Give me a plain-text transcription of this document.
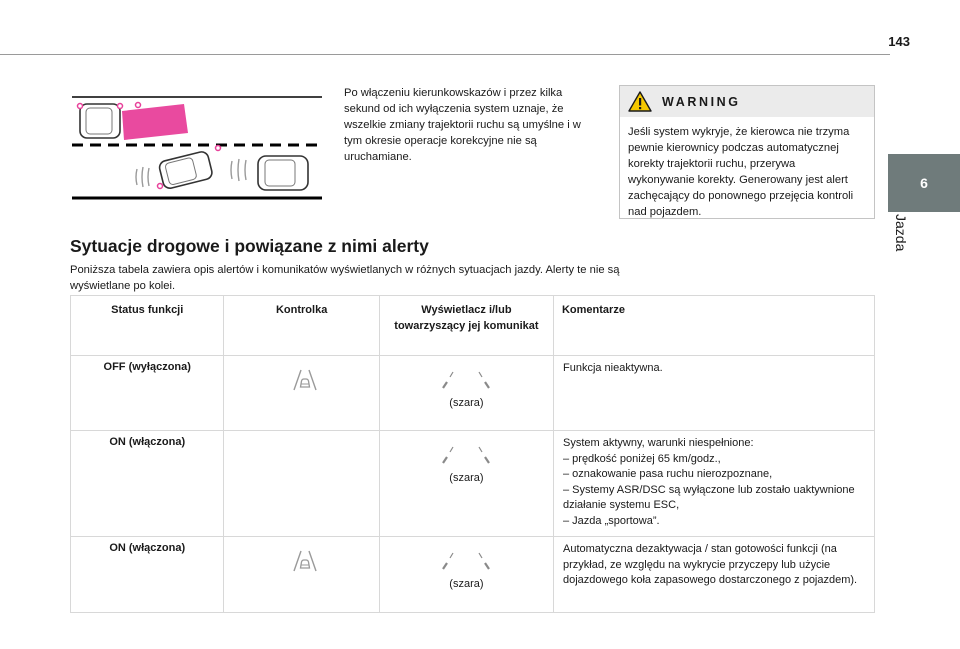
143
6
Jazda

Po włączeniu kierunkowskazów i przez kilka sekund od ich wyłączenia system uznaje, że wszelkie zmiany trajektorii ruchu są umyślne i w tym okresie operacje korekcyjne nie są uruchamiane.

WARNING

Jeśli system wykryje, że kierowca nie trzyma pewnie kierownicy podczas automatycznej korekty trajektorii ruchu, przerywa wykonywanie korekty. Generowany jest alert zachęcający do ponownego przejęcia kontroli nad pojazdem.

Sytuacje drogowe i powiązane z nimi alerty

Poniższa tabela zawiera opis alertów i komunikatów wyświetlanych w różnych sytuacjach jazdy. Alerty te nie są wyświetlane po kolei.

Status funkcji	Kontrolka	Wyświetlacz i/lub towarzyszący jej komunikat	Komentarze
OFF (wyłączona)		(szara)	Funkcja nieaktywna.

ON (włączona)		(szara)	System aktywny, warunki niespełnione:
– prędkość poniżej 65 km/godz.,
– oznakowanie pasa ruchu nierozpoznane,
– Systemy ASR/DSC są wyłączone lub zostało uaktywnione działanie systemu ESC,
– Jazda „sportowa”.

ON (włączona)		(szara)	Automatyczna dezaktywacja / stan gotowości funkcji (na przykład, ze względu na wykrycie przyczepy lub użycie dojazdowego koła zapasowego dostarczonego z pojazdem).
